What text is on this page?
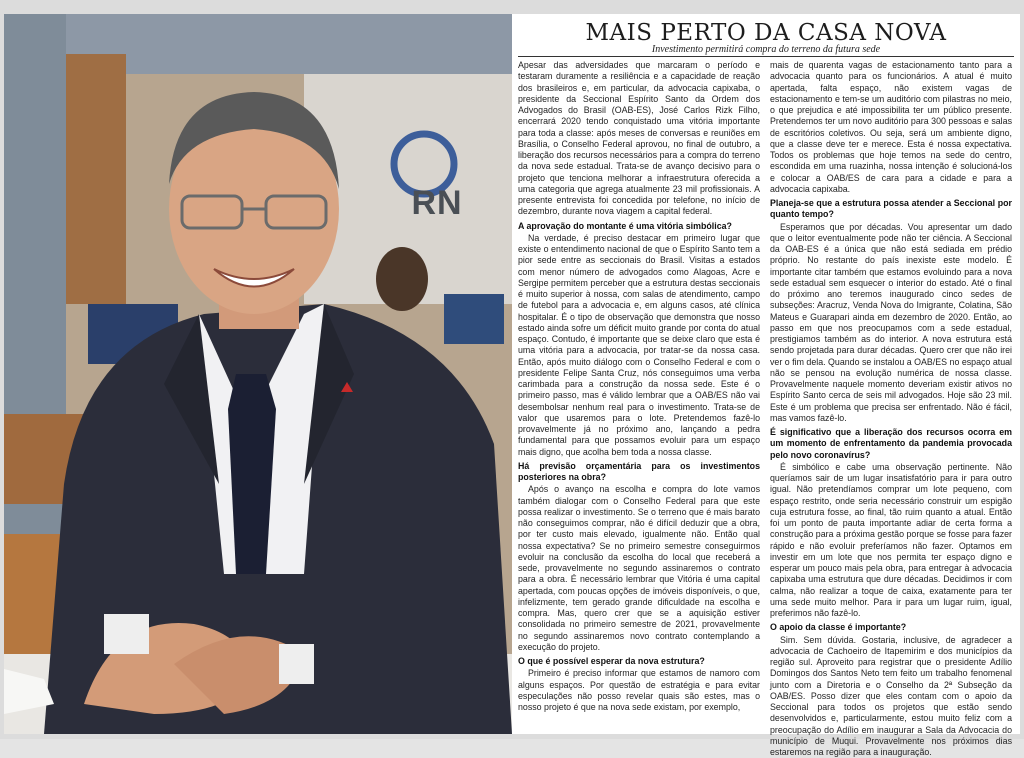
RN
MAIS PERTO DA CASA NOVA
Investimento permitirá compra do terreno da futura sede

Apesar das adversidades que marcaram o período e testaram duramente a resiliência e a capacidade de reação dos brasileiros e, em particular, da advocacia capixaba, o presidente da Seccional Espírito Santo da Ordem dos Advogados do Brasil (OAB-ES), José Carlos Rizk Filho, encerrará 2020 tendo conquistado uma vitória importante para toda a classe: após meses de conversas e reuniões em Brasília, o Conselho Federal aprovou, no final de outubro, a liberação dos recursos necessários para a compra do terreno da nova sede estadual. Trata-se de avanço decisivo para o projeto que tenciona melhorar a infraestrutura oferecida a uma categoria que agrega atualmente 23 mil profissionais. A presente entrevista foi concedida por telefone, no início de dezembro, durante nova viagem a capital federal.

A aprovação do montante é uma vitória simbólica?

Na verdade, é preciso destacar em primeiro lugar que existe o entendimento nacional de que o Espírito Santo tem a pior sede entre as seccionais do Brasil. Visitas a estados com menor número de advogados como Alagoas, Acre e Sergipe permitem perceber que a estrutura destas seccionais é muito superior à nossa, com salas de atendimento, campo de futebol para a advocacia e, em alguns casos, até clínica hospitalar. É o tipo de observação que demonstra que nosso estado ainda sofre um déficit muito grande por conta do atual espaço. Contudo, é importante que se deixe claro que esta é uma vitória para a advocacia, por tratar-se da nossa casa. Então, após muito diálogo com o Conselho Federal e com o presidente Felipe Santa Cruz, nós conseguimos uma verba carimbada para a construção da nossa sede. Este é o primeiro passo, mas é válido lembrar que a OAB/ES não vai desembolsar nenhum real para o investimento. Trata-se de valor que usaremos para o lote. Pretendemos fazê-lo provavelmente já no próximo ano, lançando a pedra fundamental para que possamos evoluir para um espaço mais digno, que acolha bem toda a nossa classe.

Há previsão orçamentária para os investimentos posteriores na obra?

Após o avanço na escolha e compra do lote vamos também dialogar com o Conselho Federal para que este possa realizar o investimento. Se o terreno que é mais barato não conseguimos comprar, não é difícil deduzir que a obra, por ter custo mais elevado, igualmente não. Então qual nossa expectativa? Se no primeiro semestre conseguirmos evoluir na conclusão da escolha do local que receberá a sede, provavelmente no segundo assinaremos o contrato para a obra. É necessário lembrar que Vitória é uma capital apertada, com poucas opções de imóveis disponíveis, o que, infelizmente, tem gerado grande dificuldade na escolha e compra. Mas, quero crer que se a aquisição estiver consolidada no primeiro semestre de 2021, provavelmente no segundo assinaremos novo contrato contemplando a execução do projeto.

O que é possível esperar da nova estrutura?

Primeiro é preciso informar que estamos de namoro com alguns espaços. Por questão de estratégia e para evitar especulações não posso revelar quais são estes, mas o nosso projeto é que na nova sede existam, por exemplo,

mais de quarenta vagas de estacionamento tanto para a advocacia quanto para os funcionários. A atual é muito apertada, falta espaço, não existem vagas de estacionamento e tem-se um auditório com pilastras no meio, o que prejudica e até impossibilita ter um público presente. Pretendemos ter um novo auditório para 300 pessoas e salas de escritórios coletivos. Ou seja, será um ambiente digno, que a classe deve ter e merece. Esta é nossa expectativa. Todos os problemas que hoje temos na sede do centro, escondida em uma ruazinha, nossa intenção é solucioná-los e colocar a OAB/ES de cara para a cidade e para a advocacia capixaba.

Planeja-se que a estrutura possa atender a Seccional por quanto tempo?

Esperamos que por décadas. Vou apresentar um dado que o leitor eventualmente pode não ter ciência. A Seccional da OAB-ES é a única que não está sediada em prédio próprio. No restante do país inexiste este modelo. É importante citar também que estamos evoluindo para a nova sede estadual sem esquecer o interior do estado. Até o final do próximo ano teremos inaugurado cinco sedes de subseções: Aracruz, Venda Nova do Imigrante, Colatina, São Mateus e Guarapari ainda em dezembro de 2020. Então, ao passo em que nos preocupamos com a sede estadual, prestigiamos também as do interior. A nova estrutura está sendo projetada para durar décadas. Quero crer que não irei ver o fim dela. Quando se instalou a OAB/ES no espaço atual não se pensou na evolução numérica de nossa classe. Provavelmente naquele momento deveriam existir ativos no Espírito Santo cerca de seis mil advogados. Hoje são 23 mil. Este é um problema que precisa ser enfrentado. Não é fácil, mas vamos fazê-lo.

É significativo que a liberação dos recursos ocorra em um momento de enfrentamento da pandemia provocada pelo novo coronavírus?

É simbólico e cabe uma observação pertinente. Não queríamos sair de um lugar insatisfatório para ir para outro igual. Não pretendíamos comprar um lote pequeno, com espaço restrito, onde seria necessário construir um espigão cuja estrutura fosse, ao final, tão ruim quanto a atual. Então foi um ponto de pauta importante adiar de certa forma a construção para a próxima gestão porque se fosse para fazer rápido e não evoluir preferíamos não fazer. Optamos em investir em um lote que nos permita ter espaço digno e esperar um pouco mais pela obra, para entregar à advocacia capixaba uma estrutura que dure décadas. Decidimos ir com calma, não realizar a toque de caixa, exatamente para ter uma sede muito melhor. Para ir para um lugar ruim, igual, preferimos não fazê-lo.

O apoio da classe é importante?

Sim. Sem dúvida. Gostaria, inclusive, de agradecer a advocacia de Cachoeiro de Itapemirim e dos municípios da região sul. Aproveito para registrar que o presidente Adílio Domingos dos Santos Neto tem feito um trabalho fenomenal junto com a Diretoria e o Conselho da 2ª Subseção da OAB/ES. Posso dizer que eles contam com o apoio da Seccional para todos os projetos que estão sendo desenvolvidos e, particularmente, estou muito feliz com a preocupação do Adílio em inaugurar a Sala da Advocacia do município de Muqui. Provavelmente nos próximos dias estaremos na região para a inauguração.
